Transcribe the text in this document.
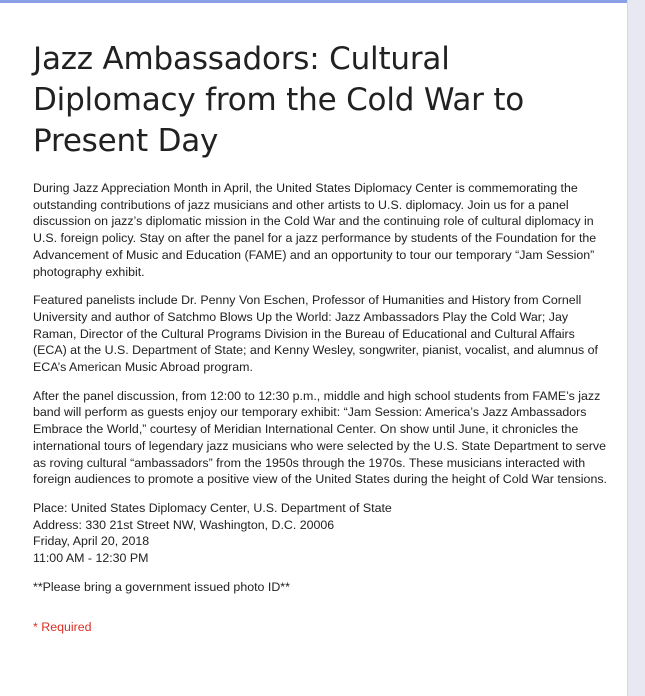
Jazz Ambassadors: Cultural Diplomacy from the Cold War to Present Day

During Jazz Appreciation Month in April, the United States Diplomacy Center is commemorating the outstanding contributions of jazz musicians and other artists to U.S. diplomacy. Join us for a panel discussion on jazz’s diplomatic mission in the Cold War and the continuing role of cultural diplomacy in U.S. foreign policy. Stay on after the panel for a jazz performance by students of the Foundation for the Advancement of Music and Education (FAME) and an opportunity to tour our temporary “Jam Session” photography exhibit.

Featured panelists include Dr. Penny Von Eschen, Professor of Humanities and History from Cornell University and author of Satchmo Blows Up the World: Jazz Ambassadors Play the Cold War; Jay Raman, Director of the Cultural Programs Division in the Bureau of Educational and Cultural Affairs (ECA) at the U.S. Department of State; and Kenny Wesley, songwriter, pianist, vocalist, and alumnus of ECA’s American Music Abroad program.

After the panel discussion, from 12:00 to 12:30 p.m., middle and high school students from FAME’s jazz band will perform as guests enjoy our temporary exhibit: “Jam Session: America’s Jazz Ambassadors Embrace the World,” courtesy of Meridian International Center. On show until June, it chronicles the international tours of legendary jazz musicians who were selected by the U.S. State Department to serve as roving cultural “ambassadors” from the 1950s through the 1970s. These musicians interacted with foreign audiences to promote a positive view of the United States during the height of Cold War tensions.

Place: United States Diplomacy Center, U.S. Department of State
Address: 330 21st Street NW, Washington, D.C. 20006
Friday, April 20, 2018
11:00 AM - 12:30 PM
**Please bring a government issued photo ID**
* Required
